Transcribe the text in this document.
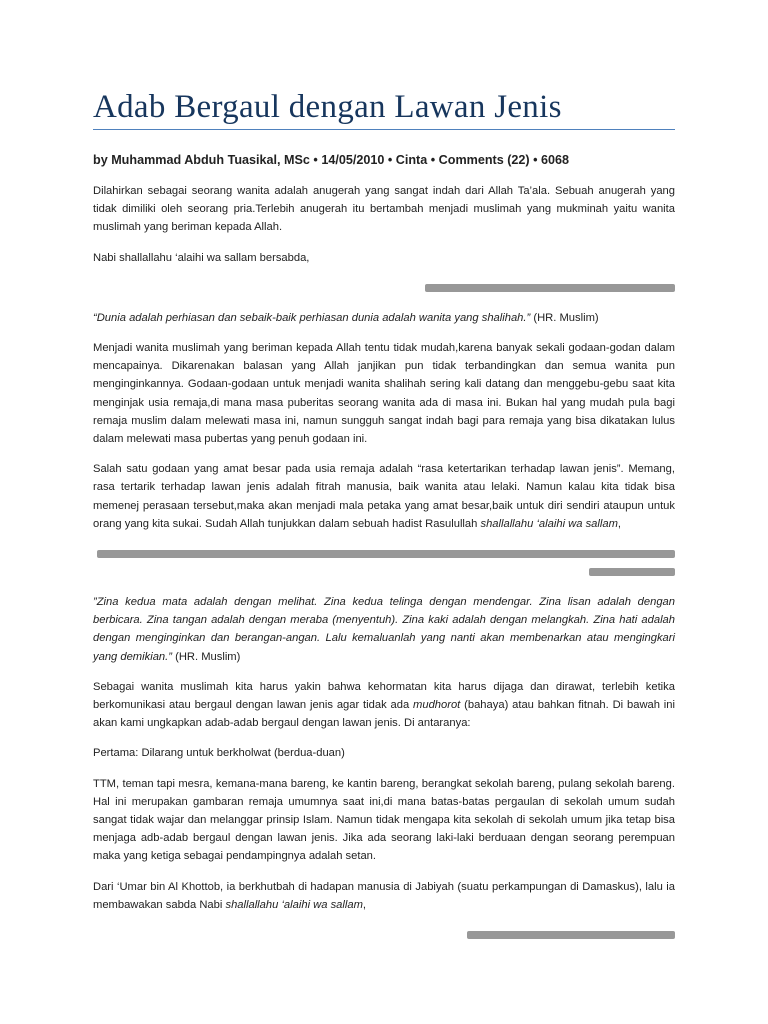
Adab Bergaul dengan Lawan Jenis
by Muhammad Abduh Tuasikal, MSc • 14/05/2010 • Cinta • Comments (22) • 6068

Dilahirkan sebagai seorang wanita adalah anugerah yang sangat indah dari Allah Ta’ala. Sebuah anugerah yang tidak dimiliki oleh seorang pria.Terlebih anugerah itu bertambah menjadi muslimah yang mukminah yaitu wanita muslimah yang beriman kepada Allah.

Nabi shallallahu ‘alaihi wa sallam bersabda,

“Dunia adalah perhiasan dan sebaik-baik perhiasan dunia adalah wanita yang shalihah.” (HR. Muslim)

Menjadi wanita muslimah yang beriman kepada Allah tentu tidak mudah,karena banyak sekali godaan-godan dalam mencapainya. Dikarenakan balasan yang Allah janjikan pun tidak terbandingkan dan semua wanita pun menginginkannya. Godaan-godaan untuk menjadi wanita shalihah sering kali datang dan menggebu-gebu saat kita menginjak usia remaja,di mana masa puberitas seorang wanita ada di masa ini. Bukan hal yang mudah pula bagi remaja muslim dalam melewati masa ini, namun sungguh sangat indah bagi para remaja yang bisa dikatakan lulus dalam melewati masa pubertas yang penuh godaan ini.

Salah satu godaan yang amat besar pada usia remaja adalah “rasa ketertarikan terhadap lawan jenis”. Memang, rasa tertarik terhadap lawan jenis adalah fitrah manusia, baik wanita atau lelaki. Namun kalau kita tidak bisa memenej perasaan tersebut,maka akan menjadi mala petaka yang amat besar,baik untuk diri sendiri ataupun untuk orang yang kita sukai. Sudah Allah tunjukkan dalam sebuah hadist Rasulullah shallallahu ‘alaihi wa sallam,

”Zina kedua mata adalah dengan melihat. Zina kedua telinga dengan mendengar. Zina lisan adalah dengan berbicara. Zina tangan adalah dengan meraba (menyentuh). Zina kaki adalah dengan melangkah. Zina hati adalah dengan menginginkan dan berangan-angan. Lalu kemaluanlah yang nanti akan membenarkan atau mengingkari yang demikian.” (HR. Muslim)

Sebagai wanita muslimah kita harus yakin bahwa kehormatan kita harus dijaga dan dirawat, terlebih ketika berkomunikasi atau bergaul dengan lawan jenis agar tidak ada mudhorot (bahaya) atau bahkan fitnah. Di bawah ini akan kami ungkapkan adab-adab bergaul dengan lawan jenis. Di antaranya:

Pertama: Dilarang untuk berkholwat (berdua-duan)

TTM, teman tapi mesra, kemana-mana bareng, ke kantin bareng, berangkat sekolah bareng, pulang sekolah bareng. Hal ini merupakan gambaran remaja umumnya saat ini,di mana batas-batas pergaulan di sekolah umum sudah sangat tidak wajar dan melanggar prinsip Islam. Namun tidak mengapa kita sekolah di sekolah umum jika tetap bisa menjaga adb-adab bergaul dengan lawan jenis. Jika ada seorang laki-laki berduaan dengan seorang perempuan maka yang ketiga sebagai pendampingnya adalah setan.

Dari ‘Umar bin Al Khottob, ia berkhutbah di hadapan manusia di Jabiyah (suatu perkampungan di Damaskus), lalu ia membawakan sabda Nabi shallallahu ‘alaihi wa sallam,
